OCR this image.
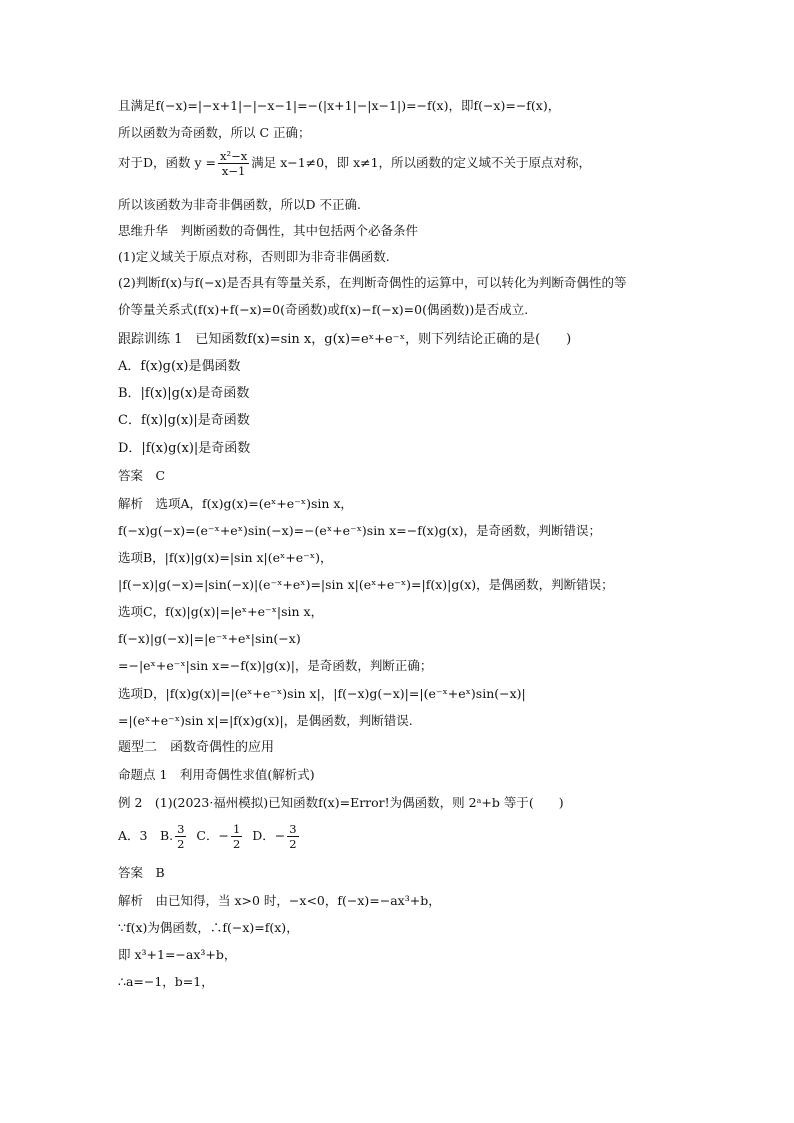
且满足f(−x)=|−x+1|−|−x−1|=−(|x+1|−|x−1|)=−f(x)，即f(−x)=−f(x)，
所以函数为奇函数，所以 C 正确；
对于D，函数 $y = \frac{\text{x²−x}}{x-1}$ 满足 x−1≠0，即 x≠1，所以函数的定义域不关于原点对称，
所以该函数为非奇非偶函数，所以D 不正确.
思维升华　判断函数的奇偶性，其中包括两个必备条件
(1)定义域关于原点对称，否则即为非奇非偶函数.
(2)判断f(x)与f(−x)是否具有等量关系，在判断奇偶性的运算中，可以转化为判断奇偶性的等
价等量关系式(f(x)+f(−x)=0(奇函数)或f(x)−f(−x)=0(偶函数))是否成立.
跟踪训练 1　已知函数f(x)=sin x，g(x)=eˣ+e⁻ˣ，则下列结论正确的是(　　)
A．f(x)g(x)是偶函数
B．|f(x)|g(x)是奇函数
C．f(x)|g(x)|是奇函数
D．|f(x)g(x)|是奇函数
答案　C
解析　选项A，f(x)g(x)=(eˣ+e⁻ˣ)sin x，
f(−x)g(−x)=(e⁻ˣ+eˣ)sin(−x)=−(eˣ+e⁻ˣ)sin x=−f(x)g(x)，是奇函数，判断错误；
选项B，|f(x)|g(x)=|sin x|(eˣ+e⁻ˣ)，
|f(−x)|g(−x)=|sin(−x)|(e⁻ˣ+eˣ)=|sin x|(eˣ+e⁻ˣ)=|f(x)|g(x)，是偶函数，判断错误；
选项C，f(x)|g(x)|=|eˣ+e⁻ˣ|sin x，
f(−x)|g(−x)|=|e⁻ˣ+eˣ|sin(−x)
=−|eˣ+e⁻ˣ|sin x=−f(x)|g(x)|，是奇函数，判断正确；
选项D，|f(x)g(x)|=|(eˣ+e⁻ˣ)sin x|，|f(−x)g(−x)|=|(e⁻ˣ+eˣ)sin(−x)|
=|(eˣ+e⁻ˣ)sin x|=|f(x)g(x)|，是偶函数，判断错误.
题型二　函数奇偶性的应用
命题点 1　利用奇偶性求值(解析式)
例 2　(1)(2023·福州模拟)已知函数f(x)=Error!为偶函数，则 2ᵃ+b 等于(　　)
A．3　B. $\frac{3}{2}$ C．− $\frac{1}{2}$ D．− $\frac{3}{2}$
答案　B
解析　由已知得，当 x>0 时，−x<0，f(−x)=−ax³+b，
∵f(x)为偶函数，∴f(−x)=f(x)，
即 x³+1=−ax³+b，
∴a=−1，b=1，
